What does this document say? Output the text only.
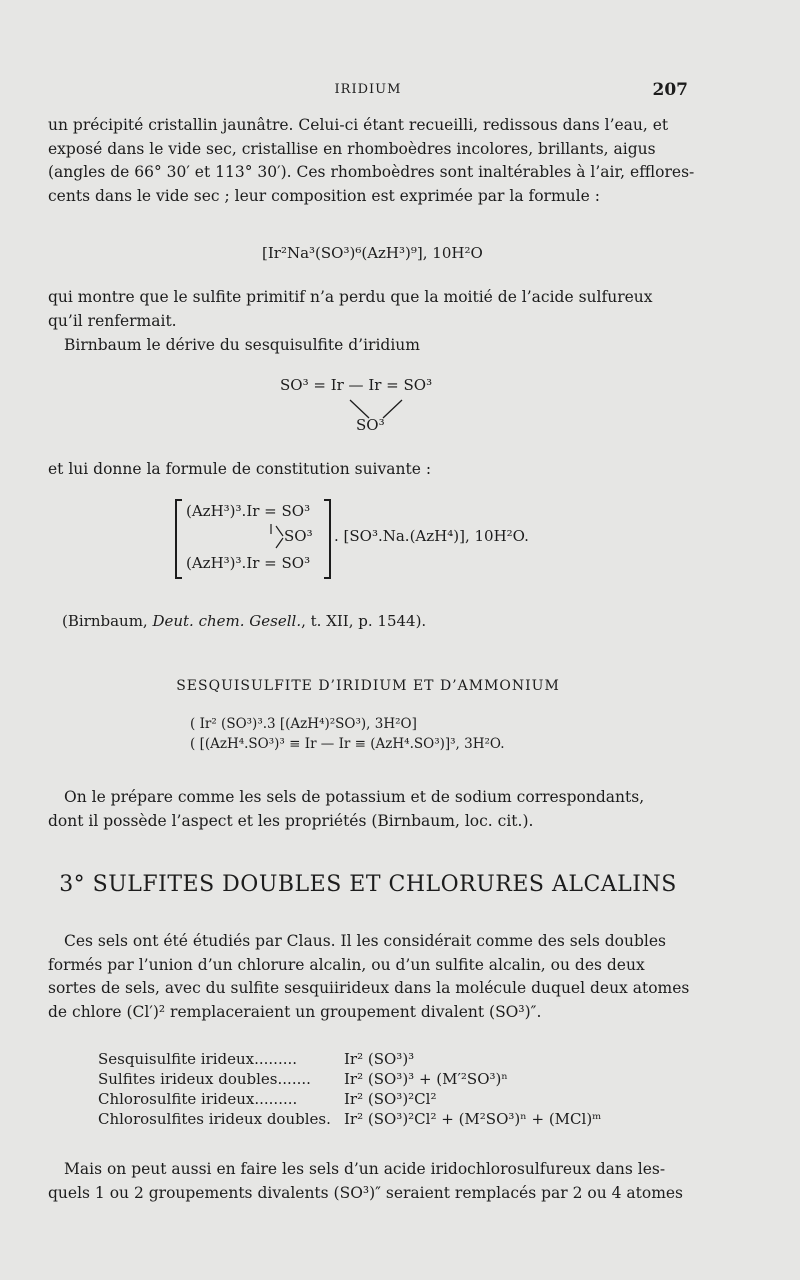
IRIDIUM	207
un précipité cristallin jaunâtre. Celui-ci étant recueilli, redissous dans l’eau, et
exposé dans le vide sec, cristallise en rhomboèdres incolores, brillants, aigus
(angles de 66° 30′ et 113° 30′). Ces rhomboèdres sont inaltérables à l’air, efflores-
cents dans le vide sec ; leur composition est exprimée par la formule :
[Ir²Na³(SO³)⁶(AzH³)⁹], 10H²O
qui montre que le sulfite primitif n’a perdu que la moitié de l’acide sulfureux
qu’il renfermait.
Birnbaum le dérive du sesquisulfite d’iridium
SO³ = Ir — Ir = SO³
SO³
et lui donne la formule de constitution suivante :
(AzH³)³.Ir = SO³
SO³
(AzH³)³.Ir = SO³
. [SO³.Na.(AzH⁴)], 10H²O.
(Birnbaum, Deut. chem. Gesell., t. XII, p. 1544).
SESQUISULFITE D’IRIDIUM ET D’AMMONIUM
( Ir² (SO³)³.3 [(AzH⁴)²SO³), 3H²O]
( [(AzH⁴.SO³)³ ≡ Ir — Ir ≡ (AzH⁴.SO³)]³, 3H²O.
On le prépare comme les sels de potassium et de sodium correspondants,
dont il possède l’aspect et les propriétés (Birnbaum, loc. cit.).
3° SULFITES DOUBLES ET CHLORURES ALCALINS
Ces sels ont été étudiés par Claus. Il les considérait comme des sels doubles
formés par l’union d’un chlorure alcalin, ou d’un sulfite alcalin, ou des deux
sortes de sels, avec du sulfite sesquiirideux dans la molécule duquel deux atomes
de chlore (Cl′)² remplaceraient un groupement divalent (SO³)″.
Sesquisulfite irideux.........	Ir² (SO³)³
Sulfites irideux doubles....... Ir² (SO³)³ + (M′²SO³)ⁿ
Chlorosulfite irideux.........	Ir² (SO³)²Cl²
Chlorosulfites irideux doubles. Ir² (SO³)²Cl² + (M²SO³)ⁿ + (MCl)ᵐ
Mais on peut aussi en faire les sels d’un acide iridochlorosulfureux dans les-
quels 1 ou 2 groupements divalents (SO³)″ seraient remplacés par 2 ou 4 atomes
